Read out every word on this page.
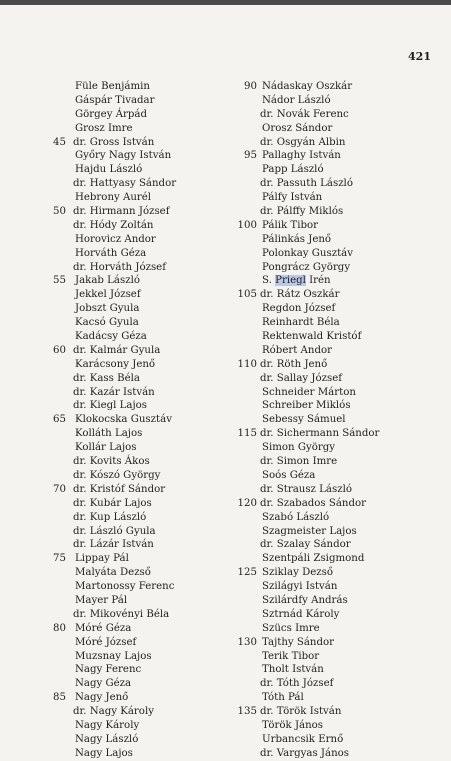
421
Füle Benjámin
Gáspár Tivadar
Görgey Árpád
Grosz Imre
45 dr. Gross István
Győry Nagy István
Hajdu László
dr. Hattyasy Sándor
Hebrony Aurél
50 dr. Hirmann József
dr. Hódy Zoltán
Horovicz Andor
Horváth Géza
dr. Horváth József
55 Jakab László
Jekkel József
Jobszt Gyula
Kacsó Gyula
Kadácsy Géza
60 dr. Kalmár Gyula
Karácsony Jenő
dr. Kass Béla
dr. Kazár István
dr. Kiegl Lajos
65 Klokocska Gusztáv
Kolláth Lajos
Kollár Lajos
dr. Kovits Ákos
dr. Kószó György
70 dr. Kristóf Sándor
dr. Kubár Lajos
dr. Kup László
dr. László Gyula
dr. Lázár István
75 Lippay Pál
Malyáta Dezső
Martonossy Ferenc
Mayer Pál
dr. Mikovényi Béla
80 Móré Géza
Móré József
Muzsnay Lajos
Nagy Ferenc
Nagy Géza
85 Nagy Jenő
dr. Nagy Károly
Nagy Károly
Nagy László
Nagy Lajos
90 Nádaskay Oszkár
Nádor László
dr. Novák Ferenc
Orosz Sándor
dr. Osgyán Albin
95 Pallaghy István
Papp László
dr. Passuth László
Pálfy István
dr. Pálffy Miklós
100 Pálik Tibor
Pálinkás Jenő
Polonkay Gusztáv
Pongrácz György
S. Priegl Irén
105 dr. Rátz Oszkár
Regdon József
Reinhardt Béla
Rektenwald Kristóf
Róbert Andor
110 dr. Röth Jenő
dr. Sallay József
Schneider Márton
Schreiber Miklós
Sebessy Sámuel
115 dr. Sichermann Sándor
Simon György
dr. Simon Imre
Soós Géza
dr. Strausz László
120 dr. Szabados Sándor
Szabó László
Szagmeister Lajos
dr. Szalay Sándor
Szentpáli Zsigmond
125 Sziklay Dezső
Szilágyi István
Szilárdfy András
Sztrnád Károly
Szücs Imre
130 Tajthy Sándor
Terik Tibor
Tholt István
dr. Tóth József
Tóth Pál
135 dr. Török István
Török János
Urbancsik Ernő
dr. Vargyas János
